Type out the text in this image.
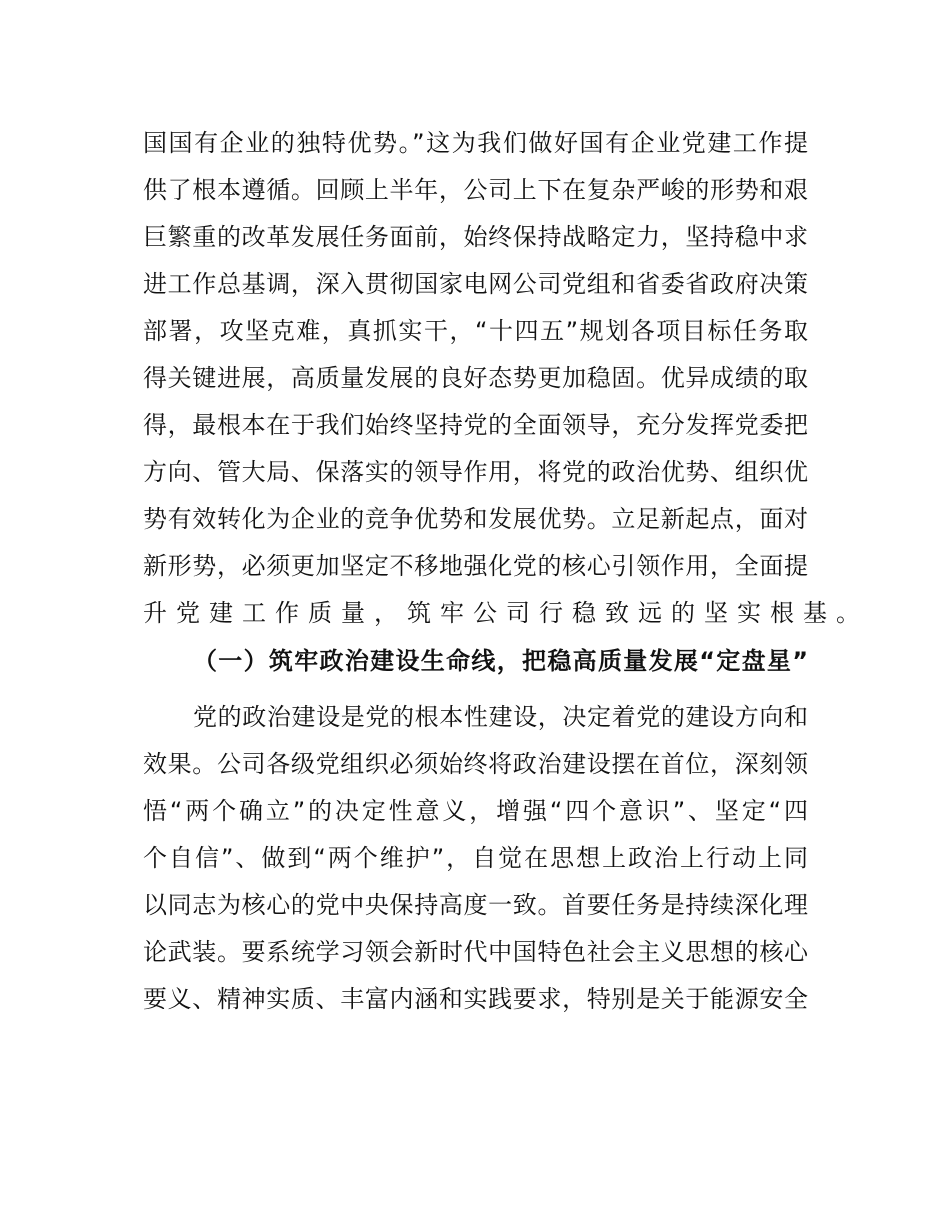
国国有企业的独特优势。”这为我们做好国有企业党建工作提
供了根本遵循。回顾上半年，公司上下在复杂严峻的形势和艰
巨繁重的改革发展任务面前，始终保持战略定力，坚持稳中求
进工作总基调，深入贯彻国家电网公司党组和省委省政府决策
部署，攻坚克难，真抓实干，“十四五”规划各项目标任务取
得关键进展，高质量发展的良好态势更加稳固。优异成绩的取
得，最根本在于我们始终坚持党的全面领导，充分发挥党委把
方向、管大局、保落实的领导作用，将党的政治优势、组织优
势有效转化为企业的竞争优势和发展优势。立足新起点，面对
新形势，必须更加坚定不移地强化党的核心引领作用，全面提
升党建工作质量，筑牢公司行稳致远的坚实根基。
（一）筑牢政治建设生命线，把稳高质量发展“定盘星”
党的政治建设是党的根本性建设，决定着党的建设方向和
效果。公司各级党组织必须始终将政治建设摆在首位，深刻领
悟“两个确立”的决定性意义，增强“四个意识”、坚定“四
个自信”、做到“两个维护”，自觉在思想上政治上行动上同
以同志为核心的党中央保持高度一致。首要任务是持续深化理
论武装。要系统学习领会新时代中国特色社会主义思想的核心
要义、精神实质、丰富内涵和实践要求，特别是关于能源安全
